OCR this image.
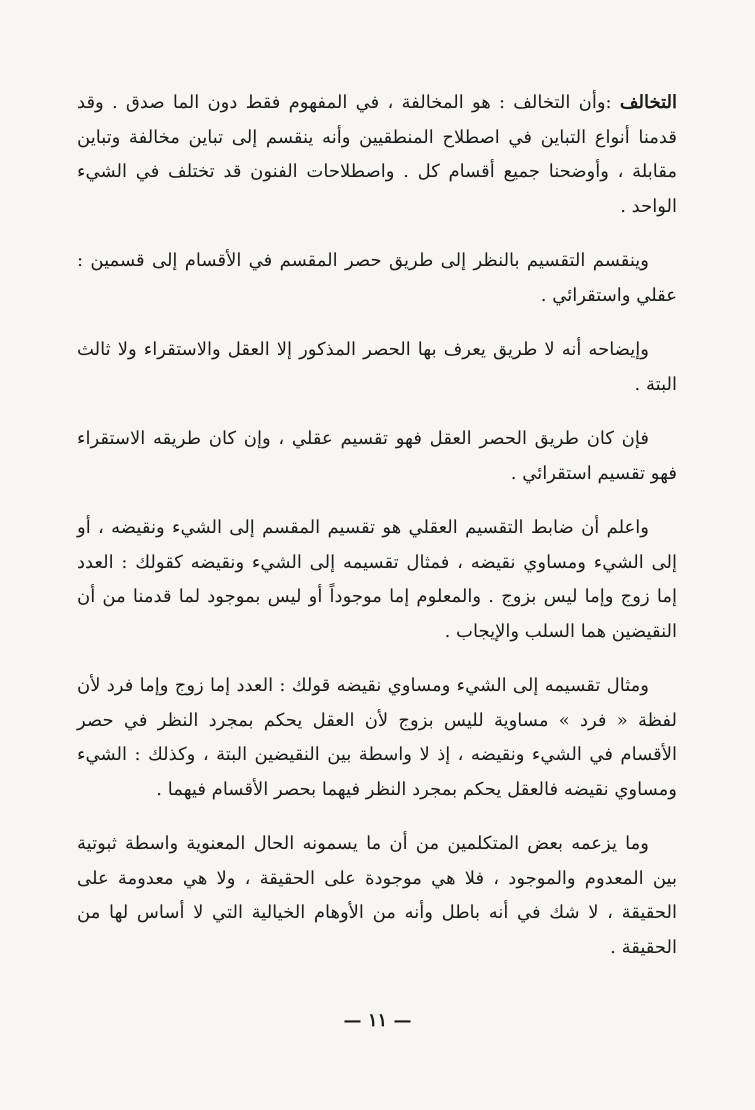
التخالف :وأن التخالف : هو المخالفة ، في المفهوم فقط دون الما صدق . وقد قدمنا أنواع التباين في اصطلاح المنطقيين وأنه ينقسم إلى تباين مخالفة وتباين مقابلة ، وأوضحنا جميع أقسام كل . واصطلاحات الفنون قد تختلف في الشيء الواحد .

وينقسم التقسيم بالنظر إلى طريق حصر المقسم في الأقسام إلى قسمين : عقلي واستقرائي .

وإيضاحه أنه لا طريق يعرف بها الحصر المذكور إلا العقل والاستقراء ولا ثالث البتة .

فإن كان طريق الحصر العقل فهو تقسيم عقلي ، وإن كان طريقه الاستقراء فهو تقسيم استقرائي .

واعلم أن ضابط التقسيم العقلي هو تقسيم المقسم إلى الشيء ونقيضه ، أو إلى الشيء ومساوي نقيضه ، فمثال تقسيمه إلى الشيء ونقيضه كقولك : العدد إما زوج وإما ليس بزوج . والمعلوم إما موجوداً أو ليس بموجود لما قدمنا من أن النقيضين هما السلب والإيجاب .

ومثال تقسيمه إلى الشيء ومساوي نقيضه قولك : العدد إما زوج وإما فرد لأن لفظة « فرد » مساوية لليس بزوج لأن العقل يحكم بمجرد النظر في حصر الأقسام في الشيء ونقيضه ، إذ لا واسطة بين النقيضين البتة ، وكذلك : الشيء ومساوي نقيضه فالعقل يحكم بمجرد النظر فيهما بحصر الأقسام فيهما .

وما يزعمه بعض المتكلمين من أن ما يسمونه الحال المعنوية واسطة ثبوتية بين المعدوم والموجود ، فلا هي موجودة على الحقيقة ، ولا هي معدومة على الحقيقة ، لا شك في أنه باطل وأنه من الأوهام الخيالية التي لا أساس لها من الحقيقة .

— ١١ —
